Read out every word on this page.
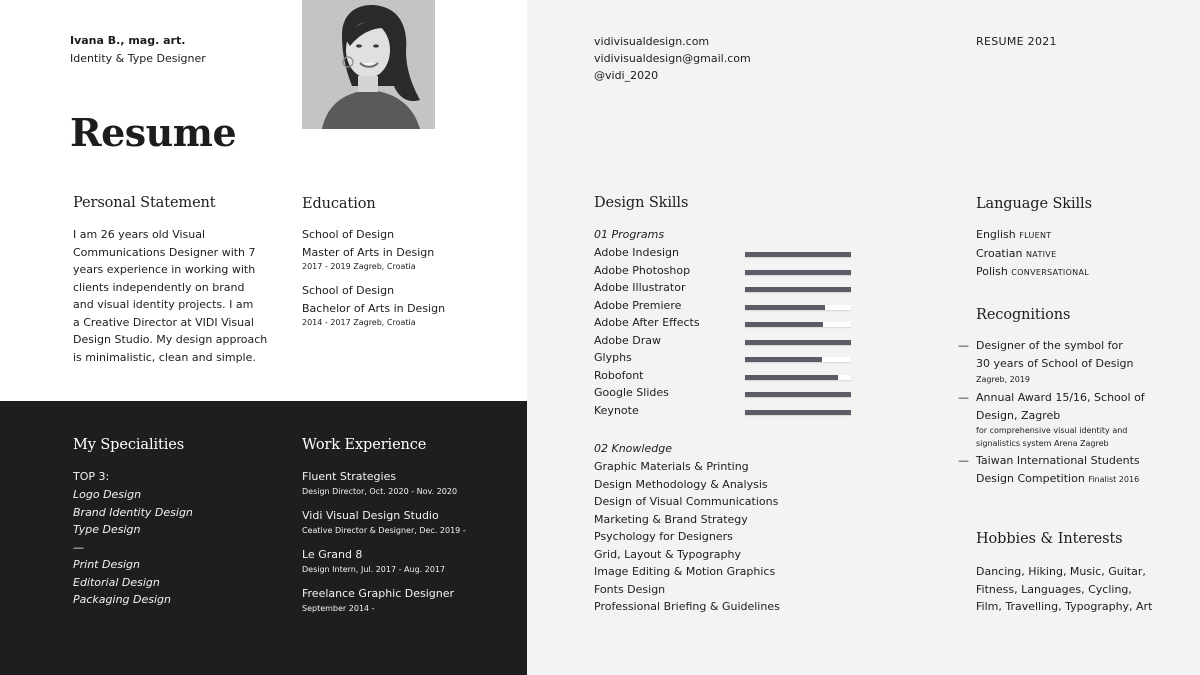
Ivana B., mag. art.
Identity & Type Designer
Resume
vidivisualdesign.com
vidivisualdesign@gmail.com
@vidi_2020
RESUME 2021
Personal Statement
I am 26 years old Visual
Communications Designer with 7
years experience in working with
clients independently on brand
and visual identity projects. I am
a Creative Director at VIDI Visual
Design Studio. My design approach
is minimalistic, clean and simple.
Education
School of Design
Master of Arts in Design
2017 - 2019 Zagreb, Croatia
School of Design
Bachelor of Arts in Design
2014 - 2017 Zagreb, Croatia
My Specialities
TOP 3:
Logo Design
Brand Identity Design
Type Design
—
Print Design
Editorial Design
Packaging Design
Work Experience
Fluent Strategies
Design Director, Oct. 2020 - Nov. 2020
Vidi Visual Design Studio
Ceative Director & Designer, Dec. 2019 -
Le Grand 8
Design Intern, Jul. 2017 - Aug. 2017
Freelance Graphic Designer
September 2014 -
Design Skills
01 Programs
Adobe Indesign
Adobe Photoshop
Adobe Illustrator
Adobe Premiere
Adobe After Effects
Adobe Draw
Glyphs
Robofont
Google Slides
Keynote
02 Knowledge
Graphic Materials & Printing
Design Methodology & Analysis
Design of Visual Communications
Marketing & Brand Strategy
Psychology for Designers
Grid, Layout & Typography
Image Editing & Motion Graphics
Fonts Design
Professional Briefing & Guidelines
Language Skills
English FLUENT
Croatian NATIVE
Polish CONVERSATIONAL
Recognitions
— Designer of the symbol for
30 years of School of Design
Zagreb, 2019
— Annual Award 15/16, School of
Design, Zagreb
for comprehensive visual identity and
signalistics system Arena Zagreb
— Taiwan International Students
Design Competition Finalist 2016
Hobbies & Interests
Dancing, Hiking, Music, Guitar,
Fitness, Languages, Cycling,
Film, Travelling, Typography, Art
